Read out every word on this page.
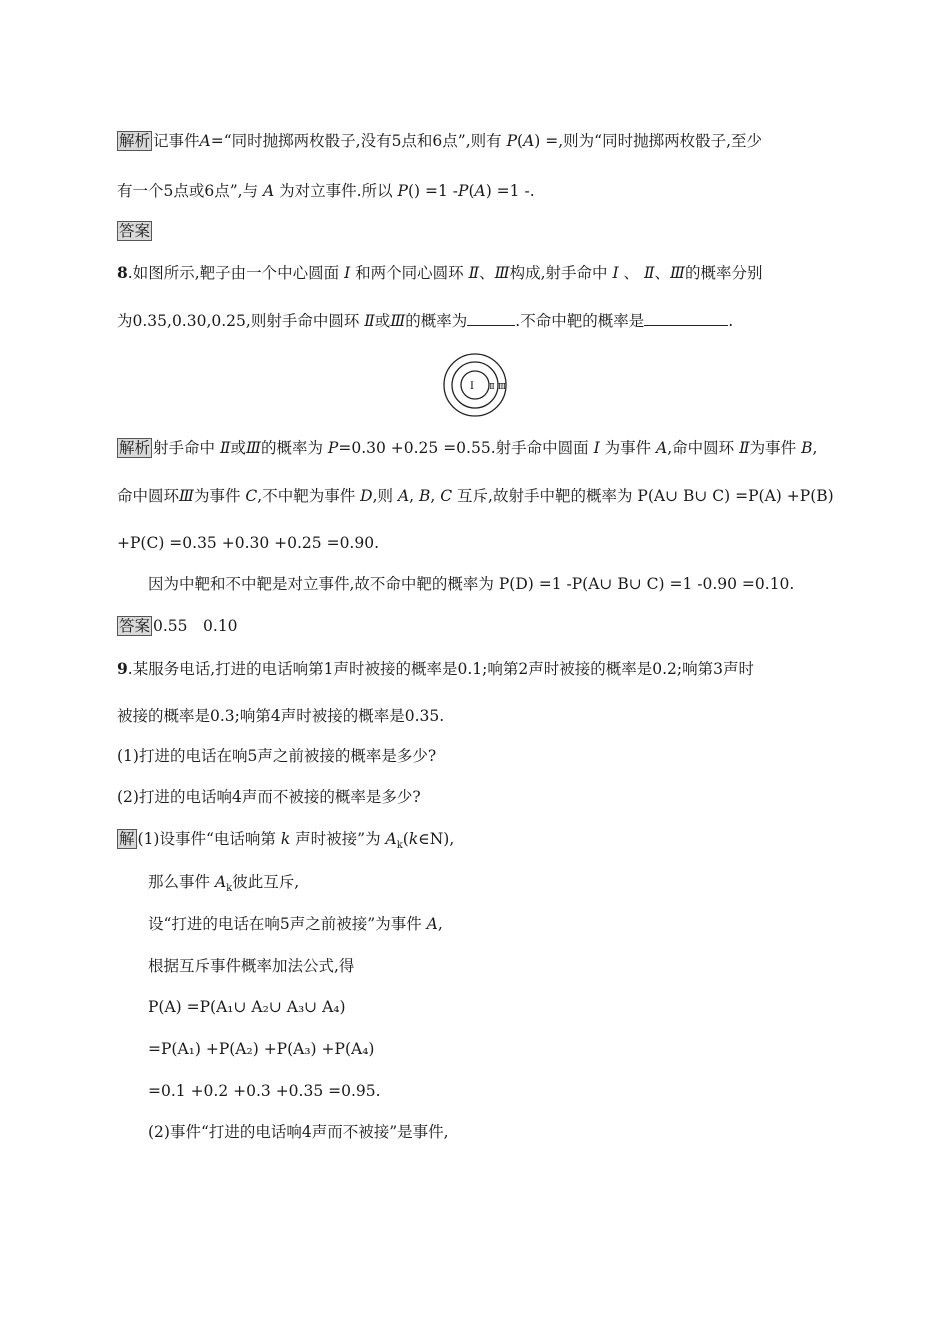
解析 记事件A=“同时抛掷两枚骰子,没有5点和6点”,则有 P(A) =,则为“同时抛掷两枚骰子,至少
有一个5点或6点”,与 A 为对立事件.所以 P() =1 -P(A) =1 -.
答案
8.如图所示,靶子由一个中心圆面 Ⅰ 和两个同心圆环 Ⅱ、Ⅲ构成,射手命中 Ⅰ 、 Ⅱ、Ⅲ的概率分别
为0.35,0.30,0.25,则射手命中圆环 Ⅱ或Ⅲ的概率为	.不命中靶的概率是	.
Ⅰ Ⅱ Ⅲ
解析 射手命中 Ⅱ或Ⅲ的概率为 P=0.30 +0.25 =0.55.射手命中圆面 Ⅰ 为事件 A,命中圆环 Ⅱ为事件 B,
命中圆环Ⅲ为事件 C,不中靶为事件 D,则 A, B, C 互斥,故射手中靶的概率为 P(A∪ B∪ C) =P(A) +P(B)
+P(C) =0.35 +0.30 +0.25 =0.90.
因为中靶和不中靶是对立事件,故不命中靶的概率为 P(D) =1 -P(A∪ B∪ C) =1 -0.90 =0.10.
答案 0.55　0.10
9.某服务电话,打进的电话响第1声时被接的概率是0.1;响第2声时被接的概率是0.2;响第3声时
被接的概率是0.3;响第4声时被接的概率是0.35.
(1)打进的电话在响5声之前被接的概率是多少?
(2)打进的电话响4声而不被接的概率是多少?
解 (1)设事件“电话响第 k 声时被接”为 $A_k(k\in N)$,
那么事件 $A_k$彼此互斥,
设“打进的电话在响5声之前被接”为事件 A,
根据互斥事件概率加法公式,得
P(A) =P(A₁∪ A₂∪ A₃∪ A₄)
=P(A₁) +P(A₂) +P(A₃) +P(A₄)
=0.1 +0.2 +0.3 +0.35 =0.95.
(2)事件“打进的电话响4声而不被接”是事件,
